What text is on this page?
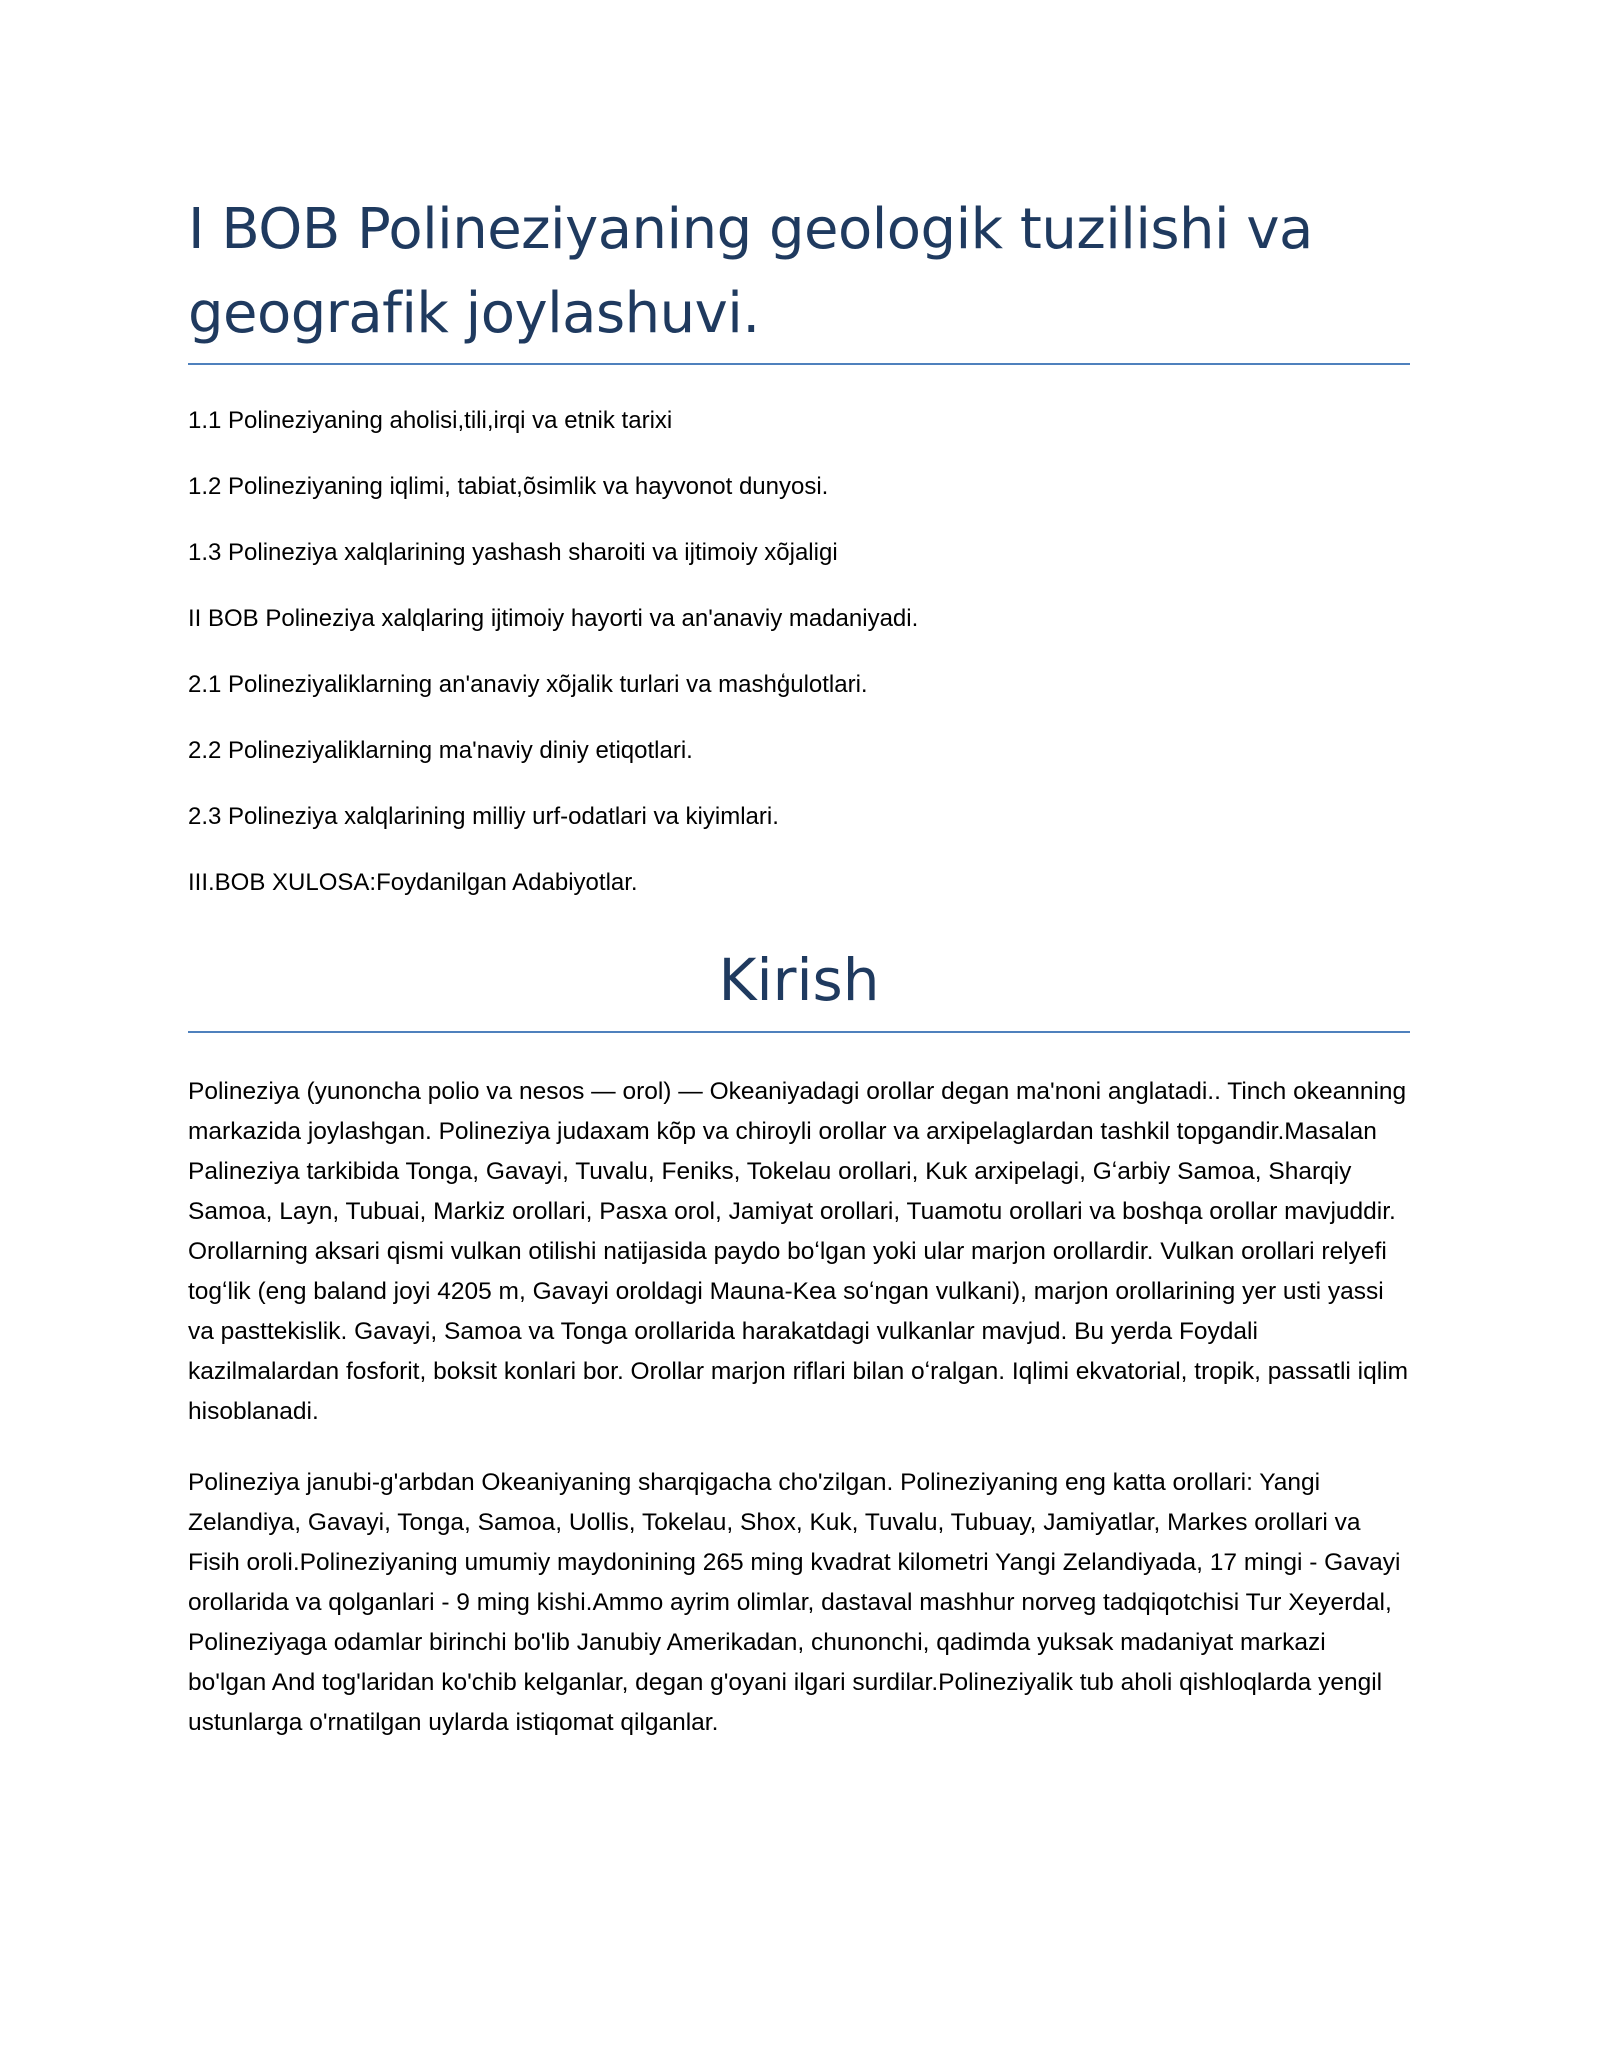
I BOB Polineziyaning geologik tuzilishi va geografik joylashuvi.
1.1 Polineziyaning aholisi,tili,irqi va etnik tarixi
1.2 Polineziyaning iqlimi, tabiat,õsimlik va hayvonot dunyosi.
1.3 Polineziya xalqlarining yashash sharoiti va ijtimoiy xõjaligi
II BOB Polineziya xalqlaring ijtimoiy hayorti va an'anaviy madaniyadi.
2.1 Polineziyaliklarning an'anaviy xõjalik turlari va mashģulotlari.
2.2 Polineziyaliklarning ma'naviy diniy etiqotlari.
2.3 Polineziya xalqlarining milliy urf-odatlari va kiyimlari.
III.BOB XULOSA:Foydanilgan Adabiyotlar.
Kirish

Polineziya (yunoncha polio va nesos — orol) — Okeaniyadagi orollar degan ma'noni anglatadi.. Tinch okeanning markazida joylashgan. Polineziya judaxam kõp va chiroyli orollar va arxipelaglardan tashkil topgandir.Masalan Palineziya tarkibida Tonga, Gavayi, Tuvalu, Feniks, Tokelau orollari, Kuk arxipelagi, Gʻarbiy Samoa, Sharqiy Samoa, Layn, Tubuai, Markiz orollari, Pasxa orol, Jamiyat orollari, Tuamotu orollari va boshqa orollar mavjuddir. Orollarning aksari qismi vulkan otilishi natijasida paydo boʻlgan yoki ular marjon orollardir. Vulkan orollari relyefi togʻlik (eng baland joyi 4205 m, Gavayi oroldagi Mauna-Kea soʻngan vulkani), marjon orollarining yer usti yassi va pasttekislik. Gavayi, Samoa va Tonga orollarida harakatdagi vulkanlar mavjud. Bu yerda Foydali kazilmalardan fosforit, boksit konlari bor. Orollar marjon riflari bilan oʻralgan. Iqlimi ekvatorial, tropik, passatli iqlim hisoblanadi.

Polineziya janubi-g'arbdan Okeaniyaning sharqigacha cho'zilgan. Polineziyaning eng katta orollari: Yangi Zelandiya, Gavayi, Tonga, Samoa, Uollis, Tokelau, Shox, Kuk, Tuvalu, Tubuay, Jamiyatlar, Markes orollari va Fisih oroli.Polineziyaning umumiy maydonining 265 ming kvadrat kilometri Yangi Zelandiyada, 17 mingi - Gavayi orollarida va qolganlari - 9 ming kishi.Ammo ayrim olimlar, dastaval mashhur norveg tadqiqotchisi Tur Xeyerdal, Polineziyaga odamlar birinchi bo'lib Janubiy Amerikadan, chunonchi, qadimda yuksak madaniyat markazi bo'lgan And tog'laridan ko'chib kelganlar, degan g'oyani ilgari surdilar.Polineziyalik tub aholi qishloqlarda yengil ustunlarga o'rnatilgan uylarda istiqomat qilganlar.
